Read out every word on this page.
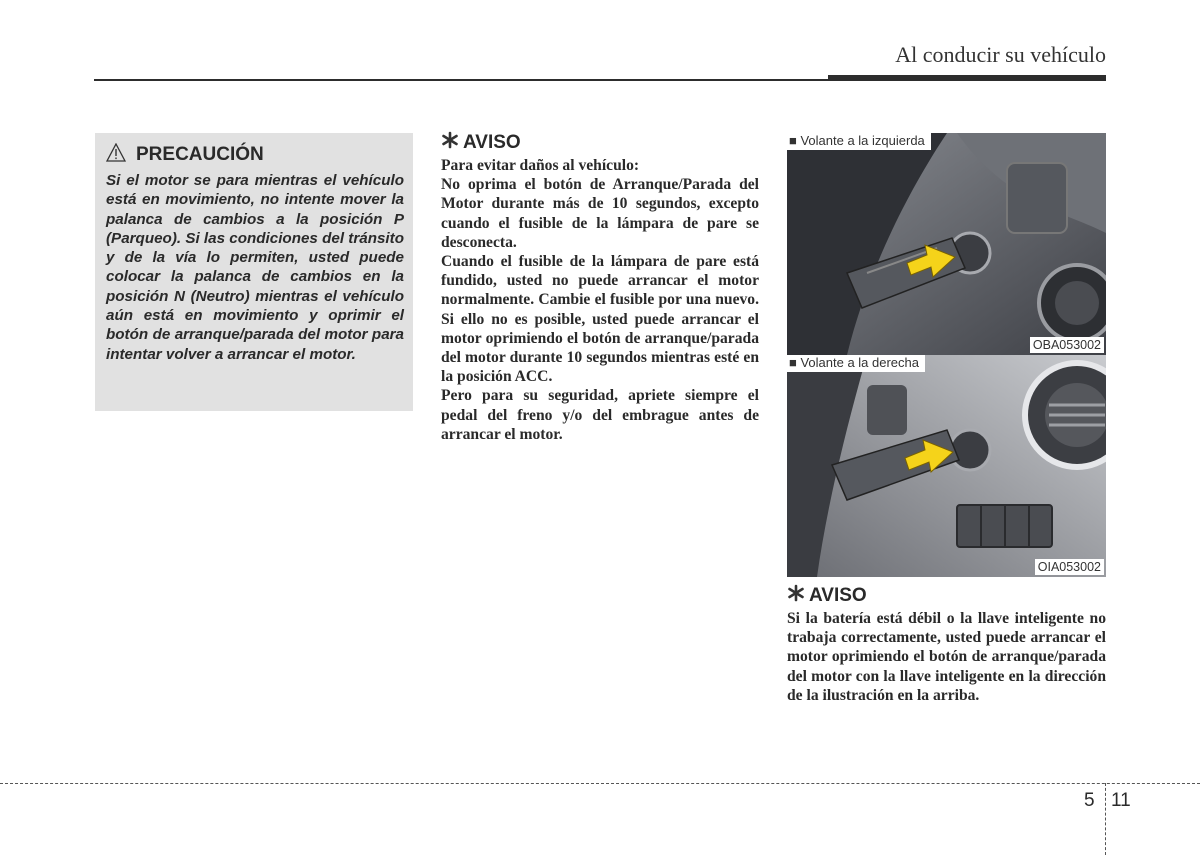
Al conducir su vehículo
PRECAUCIÓN

Si el motor se para mientras el vehículo está en movimiento, no intente mover la palanca de cambios a la posición P (Parqueo). Si las condiciones del tránsito y de la vía lo permiten, usted puede colocar la palanca de cambios en la posición N (Neutro) mientras el vehículo aún está en movimiento y oprimir el botón de arranque/parada del motor para intentar volver a arrancar el motor.

AVISO

Para evitar daños al vehículo:

No oprima el botón de Arranque/Parada del Motor durante más de 10 segundos, excepto cuando el fusible de la lámpara de pare se desconecta.

Cuando el fusible de la lámpara de pare está fundido, usted no puede arrancar el motor normalmente. Cambie el fusible por una nuevo. Si ello no es posible, usted puede arrancar el motor oprimiendo el botón de arranque/parada del motor durante 10 segundos mientras esté en la posición ACC.

Pero para su seguridad, apriete siempre el pedal del freno y/o del embrague antes de arrancar el motor.

■ Volante a la izquierda
OBA053002
■ Volante a la derecha
OIA053002
AVISO

Si la batería está débil o la llave inteligente no trabaja correctamente, usted puede arrancar el motor oprimiendo el botón de arranque/parada del motor con la llave inteligente en la dirección de la ilustración en la arriba.

5 11
